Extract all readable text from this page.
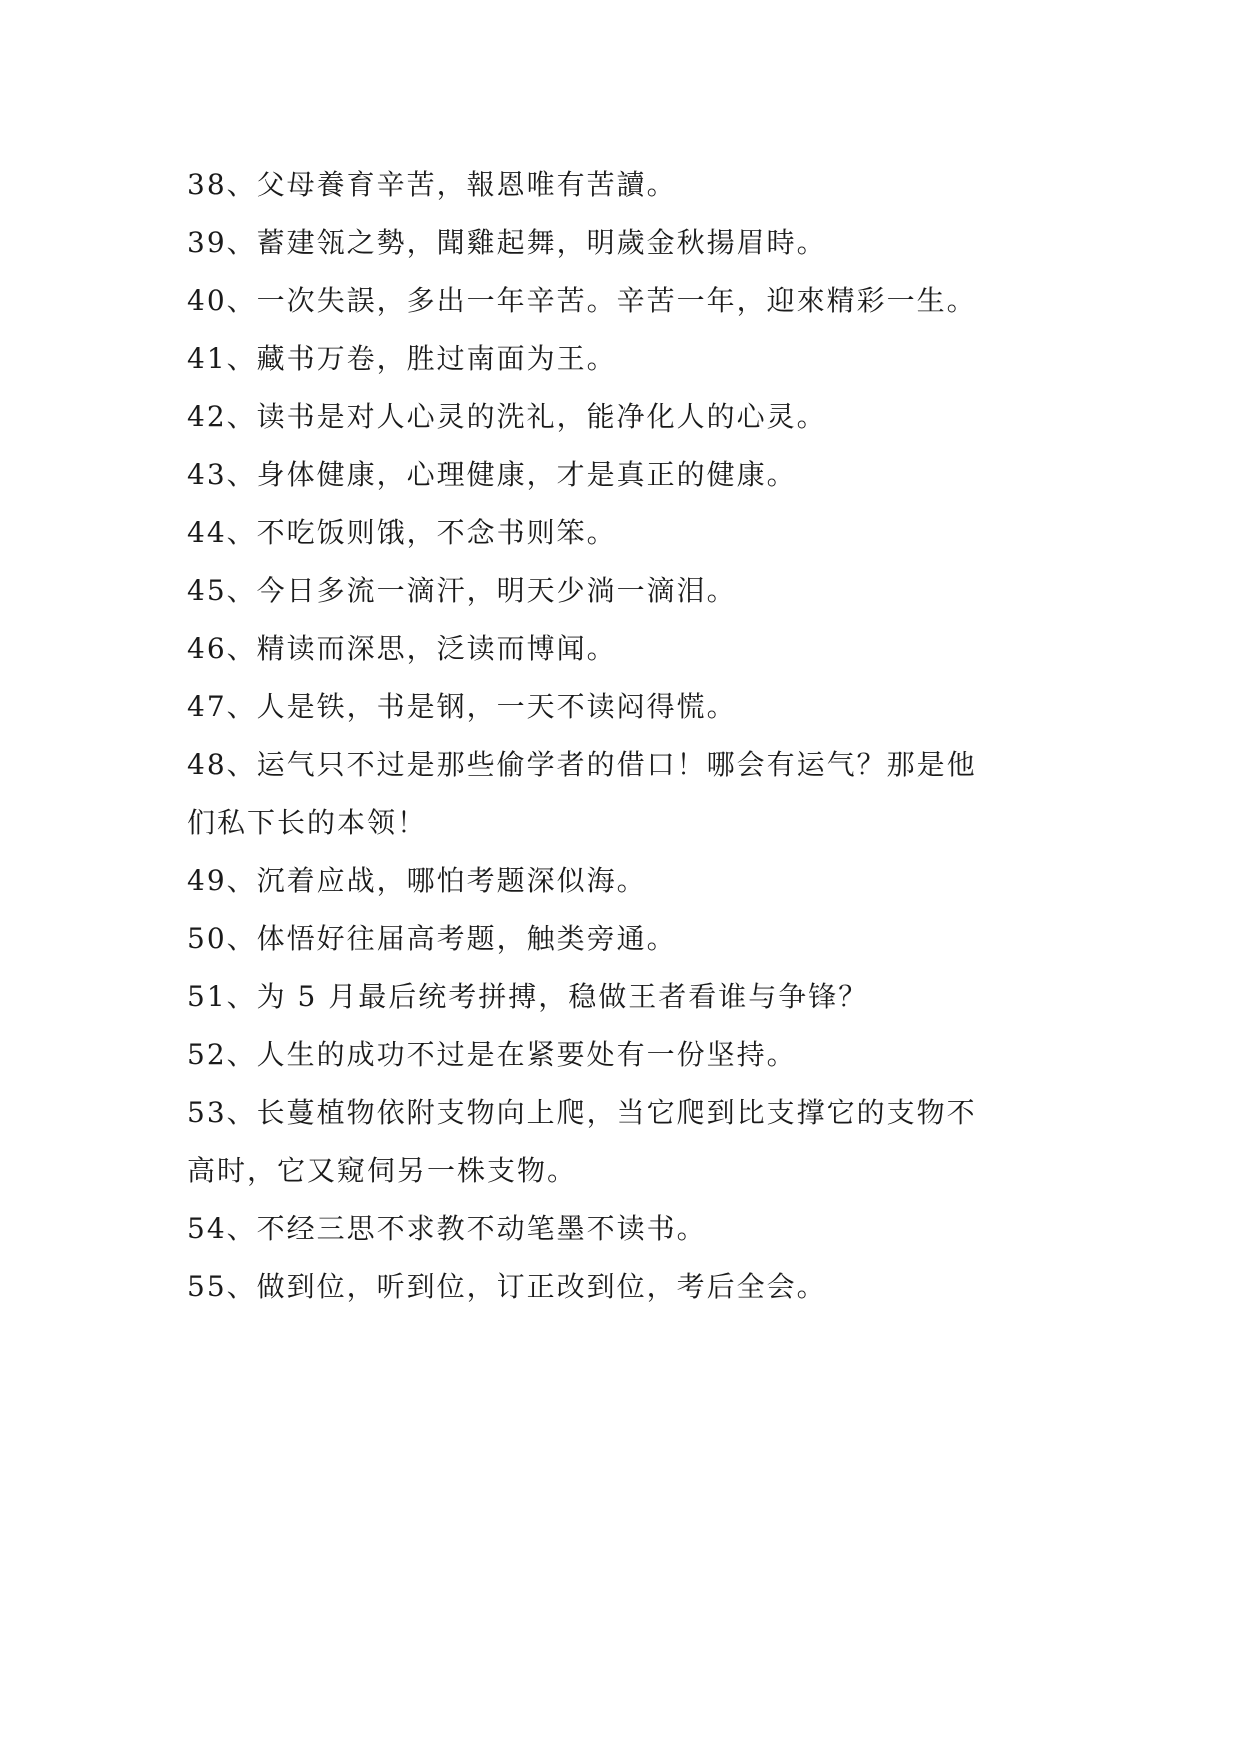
38、父母養育辛苦，報恩唯有苦讀。
39、蓄建瓴之勢，聞雞起舞，明歲金秋揚眉時。
40、一次失誤，多出一年辛苦。辛苦一年，迎來精彩一生。
41、藏书万卷，胜过南面为王。
42、读书是对人心灵的洗礼，能净化人的心灵。
43、身体健康，心理健康，才是真正的健康。
44、不吃饭则饿，不念书则笨。
45、今日多流一滴汗，明天少淌一滴泪。
46、精读而深思，泛读而博闻。
47、人是铁，书是钢，一天不读闷得慌。
48、运气只不过是那些偷学者的借口！哪会有运气？那是他
们私下长的本领！
49、沉着应战，哪怕考题深似海。
50、体悟好往届高考题，触类旁通。
51、为 5 月最后统考拼搏，稳做王者看谁与争锋？
52、人生的成功不过是在紧要处有一份坚持。
53、长蔓植物依附支物向上爬，当它爬到比支撑它的支物不
高时，它又窥伺另一株支物。
54、不经三思不求教不动笔墨不读书。
55、做到位，听到位，订正改到位，考后全会。
